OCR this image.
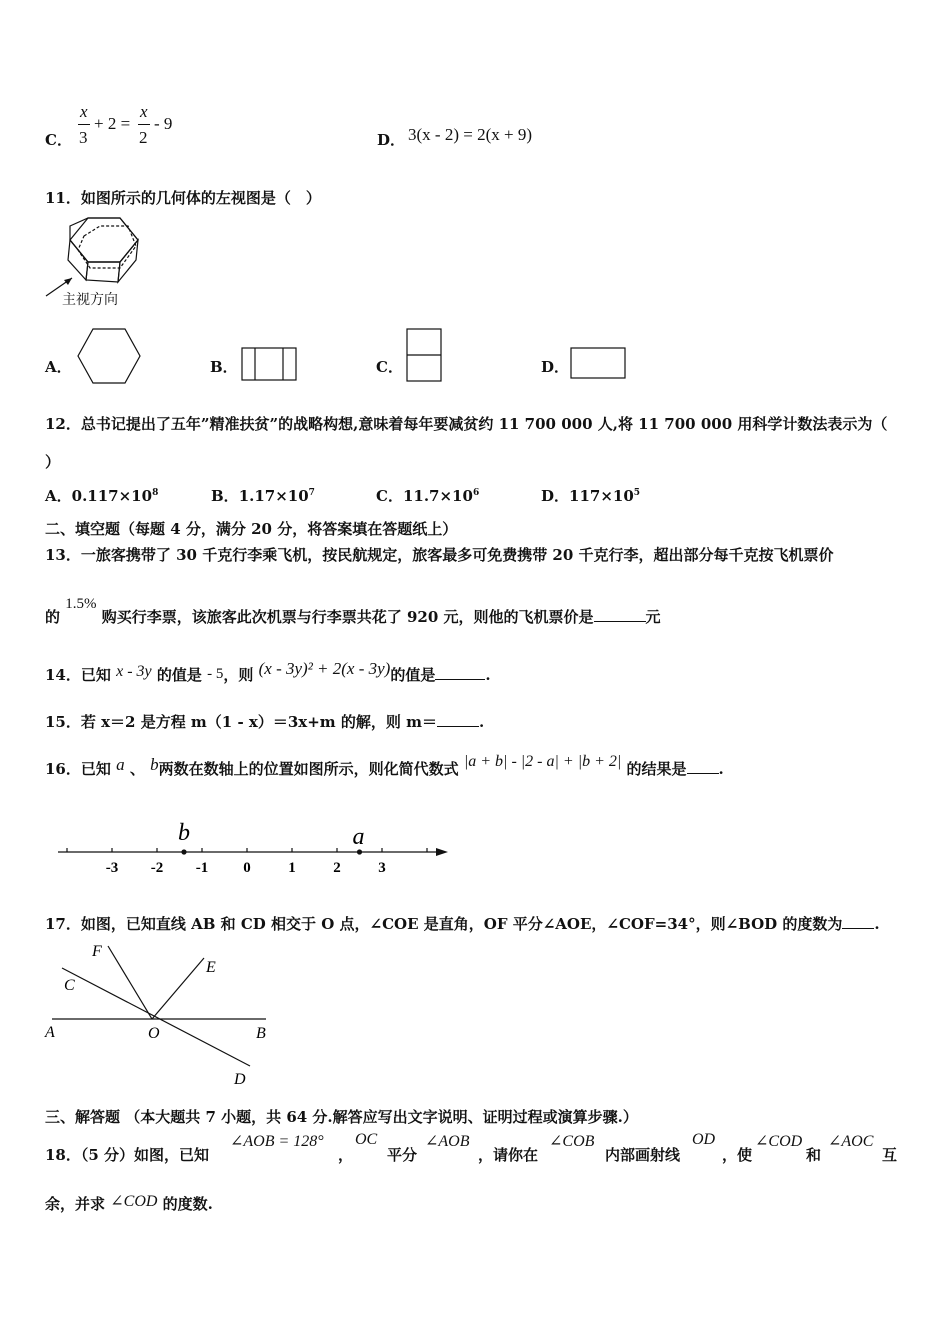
C．
x
3
+ 2 =
x
2
- 9
D． 3(x - 2) = 2(x + 9)
11．如图所示的几何体的左视图是（　）
主视方向
A．	B．	C．	D．
12．总书记提出了五年”精准扶贫”的战略构想,意味着每年要减贫约 11 700 000 人,将 11 700 000 用科学计数法表示为（
）
A．$0.117\times 10^8$	B．$1.17\times 10^7$	C．$11.7\times 10^6$	D．$117\times 10^5$
二、填空题（每题 4 分，满分 20 分，将答案填在答题纸上）
13．一旅客携带了 30 千克行李乘飞机，按民航规定，旅客最多可免费携带 20 千克行李，超出部分每千克按飞机票价
的 1.5% 购买行李票，该旅客此次机票与行李票共花了 920 元，则他的飞机票价是	元
14．已知 x - 3y 的值是 - 5，则 (x - 3y)² + 2(x - 3y)的值是	.
15．若 x＝2 是方程 m（1 - x）＝3x+m 的解，则 m＝	.
16．已知 a 、 b两数在数轴上的位置如图所示，则化简代数式 |a + b| - |2 - a| + |b + 2| 的结果是 .
-3 -2 -1 0	1	2	3
b	a
17．如图，已知直线 AB 和 CD 相交于 O 点，∠COE 是直角，OF 平分∠AOE，∠COF=34°，则∠BOD 的度数为 .
F
E
C
A	O	B
D
三、解答题 （本大题共 7 小题，共 64 分.解答应写出文字说明、证明过程或演算步骤.）
18．（5 分）如图，已知
∠AOB = 128°
，
OC
平分
∠AOB
，请你在
∠COB
内部画射线
OD
，使
∠COD
和
∠AOC
互
余，并求 ∠COD 的度数.
